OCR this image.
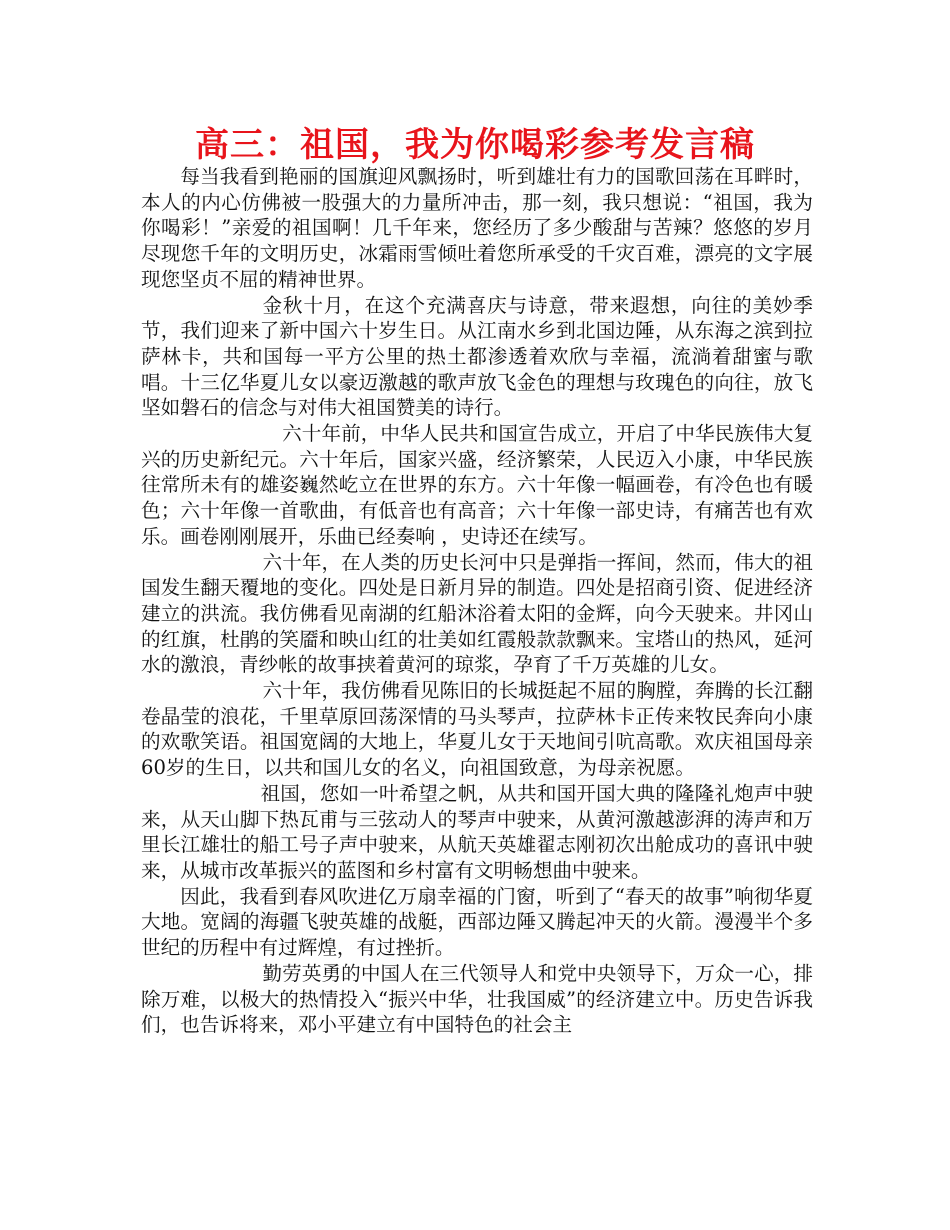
高三：祖国，我为你喝彩参考发言稿

每当我看到艳丽的国旗迎风飘扬时，听到雄壮有力的国歌回荡在耳畔时，本人的内心仿佛被一股强大的力量所冲击，那一刻，我只想说：“祖国，我为你喝彩！”亲爱的祖国啊！几千年来，您经历了多少酸甜与苦辣？悠悠的岁月尽现您千年的文明历史，冰霜雨雪倾吐着您所承受的千灾百难，漂亮的文字展现您坚贞不屈的精神世界。

金秋十月，在这个充满喜庆与诗意，带来遐想，向往的美妙季节，我们迎来了新中国六十岁生日。从江南水乡到北国边陲，从东海之滨到拉萨林卡，共和国每一平方公里的热土都渗透着欢欣与幸福，流淌着甜蜜与歌唱。十三亿华夏儿女以豪迈激越的歌声放飞金色的理想与玫瑰色的向往，放飞坚如磐石的信念与对伟大祖国赞美的诗行。

六十年前，中华人民共和国宣告成立，开启了中华民族伟大复兴的历史新纪元。六十年后，国家兴盛，经济繁荣，人民迈入小康，中华民族往常所未有的雄姿巍然屹立在世界的东方。六十年像一幅画卷，有冷色也有暖色；六十年像一首歌曲，有低音也有高音；六十年像一部史诗，有痛苦也有欢乐。画卷刚刚展开，乐曲已经奏响 ，史诗还在续写。

六十年，在人类的历史长河中只是弹指一挥间，然而，伟大的祖国发生翻天覆地的变化。四处是日新月异的制造。四处是招商引资、促进经济建立的洪流。我仿佛看见南湖的红船沐浴着太阳的金辉，向今天驶来。井冈山的红旗，杜鹃的笑靥和映山红的壮美如红霞般款款飘来。宝塔山的热风，延河水的激浪，青纱帐的故事挟着黄河的琼浆，孕育了千万英雄的儿女。

六十年，我仿佛看见陈旧的长城挺起不屈的胸膛，奔腾的长江翻卷晶莹的浪花，千里草原回荡深情的马头琴声，拉萨林卡正传来牧民奔向小康的欢歌笑语。祖国宽阔的大地上，华夏儿女于天地间引吭高歌。欢庆祖国母亲60岁的生日，以共和国儿女的名义，向祖国致意，为母亲祝愿。

祖国，您如一叶希望之帆，从共和国开国大典的隆隆礼炮声中驶来，从天山脚下热瓦甫与三弦动人的琴声中驶来，从黄河激越澎湃的涛声和万里长江雄壮的船工号子声中驶来，从航天英雄翟志刚初次出舱成功的喜讯中驶来，从城市改革振兴的蓝图和乡村富有文明畅想曲中驶来。

因此，我看到春风吹进亿万扇幸福的门窗，听到了“春天的故事”响彻华夏大地。宽阔的海疆飞驶英雄的战艇，西部边陲又腾起冲天的火箭。漫漫半个多世纪的历程中有过辉煌，有过挫折。

勤劳英勇的中国人在三代领导人和党中央领导下，万众一心，排除万难，以极大的热情投入“振兴中华，壮我国威”的经济建立中。历史告诉我们，也告诉将来，邓小平建立有中国特色的社会主
